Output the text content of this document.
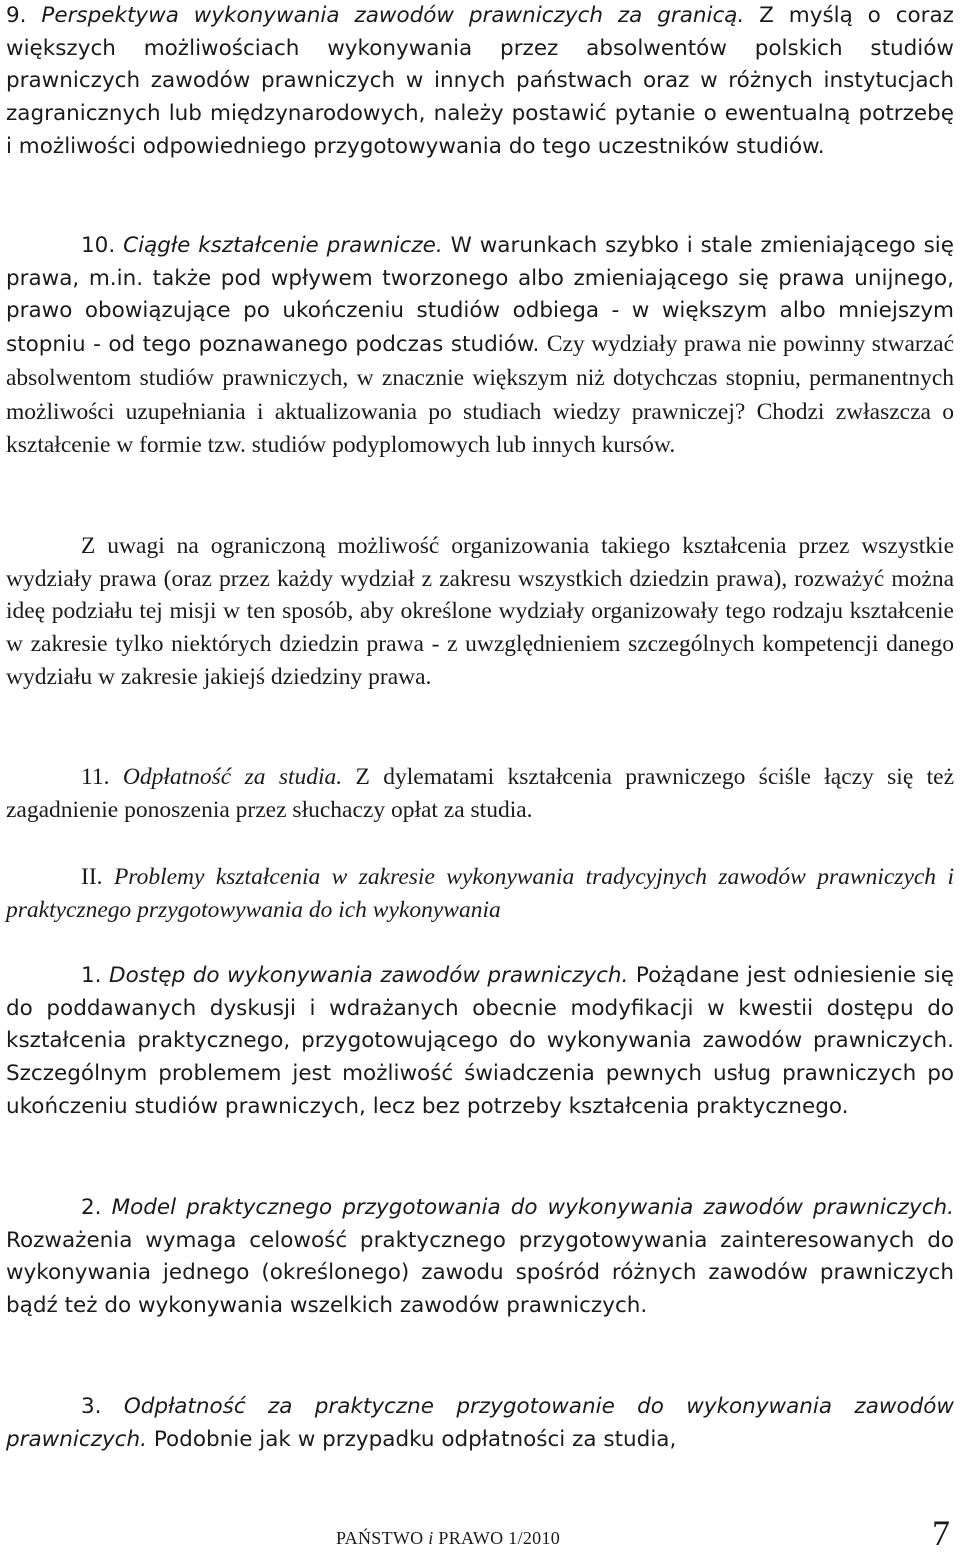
9. Perspektywa wykonywania zawodów prawniczych za granicą. Z myślą o coraz większych możliwościach wykonywania przez absolwentów polskich studiów prawniczych zawodów prawniczych w innych państwach oraz w różnych instytucjach zagranicznych lub międzynarodowych, należy postawić pytanie o ewentualną potrzebę i możliwości odpowiedniego przygotowywania do tego uczestników studiów.

10. Ciągłe kształcenie prawnicze. W warunkach szybko i stale zmieniającego się prawa, m.in. także pod wpływem tworzonego albo zmieniającego się prawa unijnego, prawo obowiązujące po ukończeniu studiów odbiega - w większym albo mniejszym stopniu - od tego poznawanego podczas studiów. Czy wydziały prawa nie powinny stwarzać absolwentom studiów prawniczych, w znacznie większym niż dotychczas stopniu, permanentnych możliwości uzupełniania i aktualizowania po studiach wiedzy prawniczej? Chodzi zwłaszcza o kształcenie w formie tzw. studiów podyplomowych lub innych kursów.

Z uwagi na ograniczoną możliwość organizowania takiego kształcenia przez wszystkie wydziały prawa (oraz przez każdy wydział z zakresu wszystkich dziedzin prawa), rozważyć można ideę podziału tej misji w ten sposób, aby określone wydziały organizowały tego rodzaju kształcenie w zakresie tylko niektórych dziedzin prawa - z uwzględnieniem szczególnych kompetencji danego wydziału w zakresie jakiejś dziedziny prawa.

11. Odpłatność za studia. Z dylematami kształcenia prawniczego ściśle łączy się też zagadnienie ponoszenia przez słuchaczy opłat za studia.

II. Problemy kształcenia w zakresie wykonywania tradycyjnych zawodów prawniczych i praktycznego przygotowywania do ich wykonywania

1. Dostęp do wykonywania zawodów prawniczych. Pożądane jest odniesienie się do poddawanych dyskusji i wdrażanych obecnie modyfikacji w kwestii dostępu do kształcenia praktycznego, przygotowującego do wykonywania zawodów prawniczych. Szczególnym problemem jest możliwość świadczenia pewnych usług prawniczych po ukończeniu studiów prawniczych, lecz bez potrzeby kształcenia praktycznego.

2. Model praktycznego przygotowania do wykonywania zawodów prawniczych. Rozważenia wymaga celowość praktycznego przygotowywania zainteresowanych do wykonywania jednego (określonego) zawodu spośród różnych zawodów prawniczych bądź też do wykonywania wszelkich zawodów prawniczych.

3. Odpłatność za praktyczne przygotowanie do wykonywania zawodów prawniczych. Podobnie jak w przypadku odpłatności za studia,

PAŃSTWO i PRAWO 1/2010	7
